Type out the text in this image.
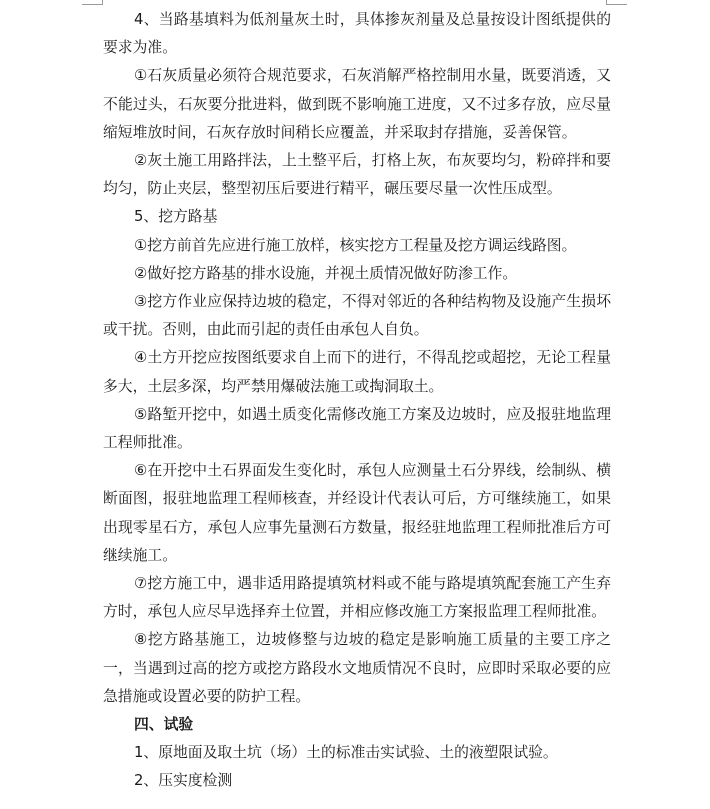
4、当路基填料为低剂量灰土时，具体掺灰剂量及总量按设计图纸提供的要求为准。

①石灰质量必须符合规范要求，石灰消解严格控制用水量，既要消透，又不能过头，石灰要分批进料，做到既不影响施工进度，又不过多存放，应尽量缩短堆放时间，石灰存放时间稍长应覆盖，并采取封存措施，妥善保管。

②灰土施工用路拌法，上土整平后，打格上灰，布灰要均匀，粉碎拌和要均匀，防止夹层，整型初压后要进行精平，碾压要尽量一次性压成型。

5、挖方路基

①挖方前首先应进行施工放样，核实挖方工程量及挖方调运线路图。

②做好挖方路基的排水设施，并视土质情况做好防渗工作。

③挖方作业应保持边坡的稳定，不得对邻近的各种结构物及设施产生损坏或干扰。否则，由此而引起的责任由承包人自负。

④土方开挖应按图纸要求自上而下的进行，不得乱挖或超挖，无论工程量多大，土层多深，均严禁用爆破法施工或掏洞取土。

⑤路堑开挖中，如遇土质变化需修改施工方案及边坡时，应及报驻地监理工程师批准。

⑥在开挖中土石界面发生变化时，承包人应测量土石分界线，绘制纵、横断面图，报驻地监理工程师核查，并经设计代表认可后，方可继续施工，如果出现零星石方，承包人应事先量测石方数量，报经驻地监理工程师批准后方可继续施工。

⑦挖方施工中，遇非适用路提填筑材料或不能与路堤填筑配套施工产生弃方时，承包人应尽早选择弃土位置，并相应修改施工方案报监理工程师批准。

⑧挖方路基施工，边坡修整与边坡的稳定是影响施工质量的主要工序之一，当遇到过高的挖方或挖方路段水文地质情况不良时，应即时采取必要的应急措施或设置必要的防护工程。

四、试验

1、原地面及取土坑（场）土的标准击实试验、土的液塑限试验。

2、压实度检测
